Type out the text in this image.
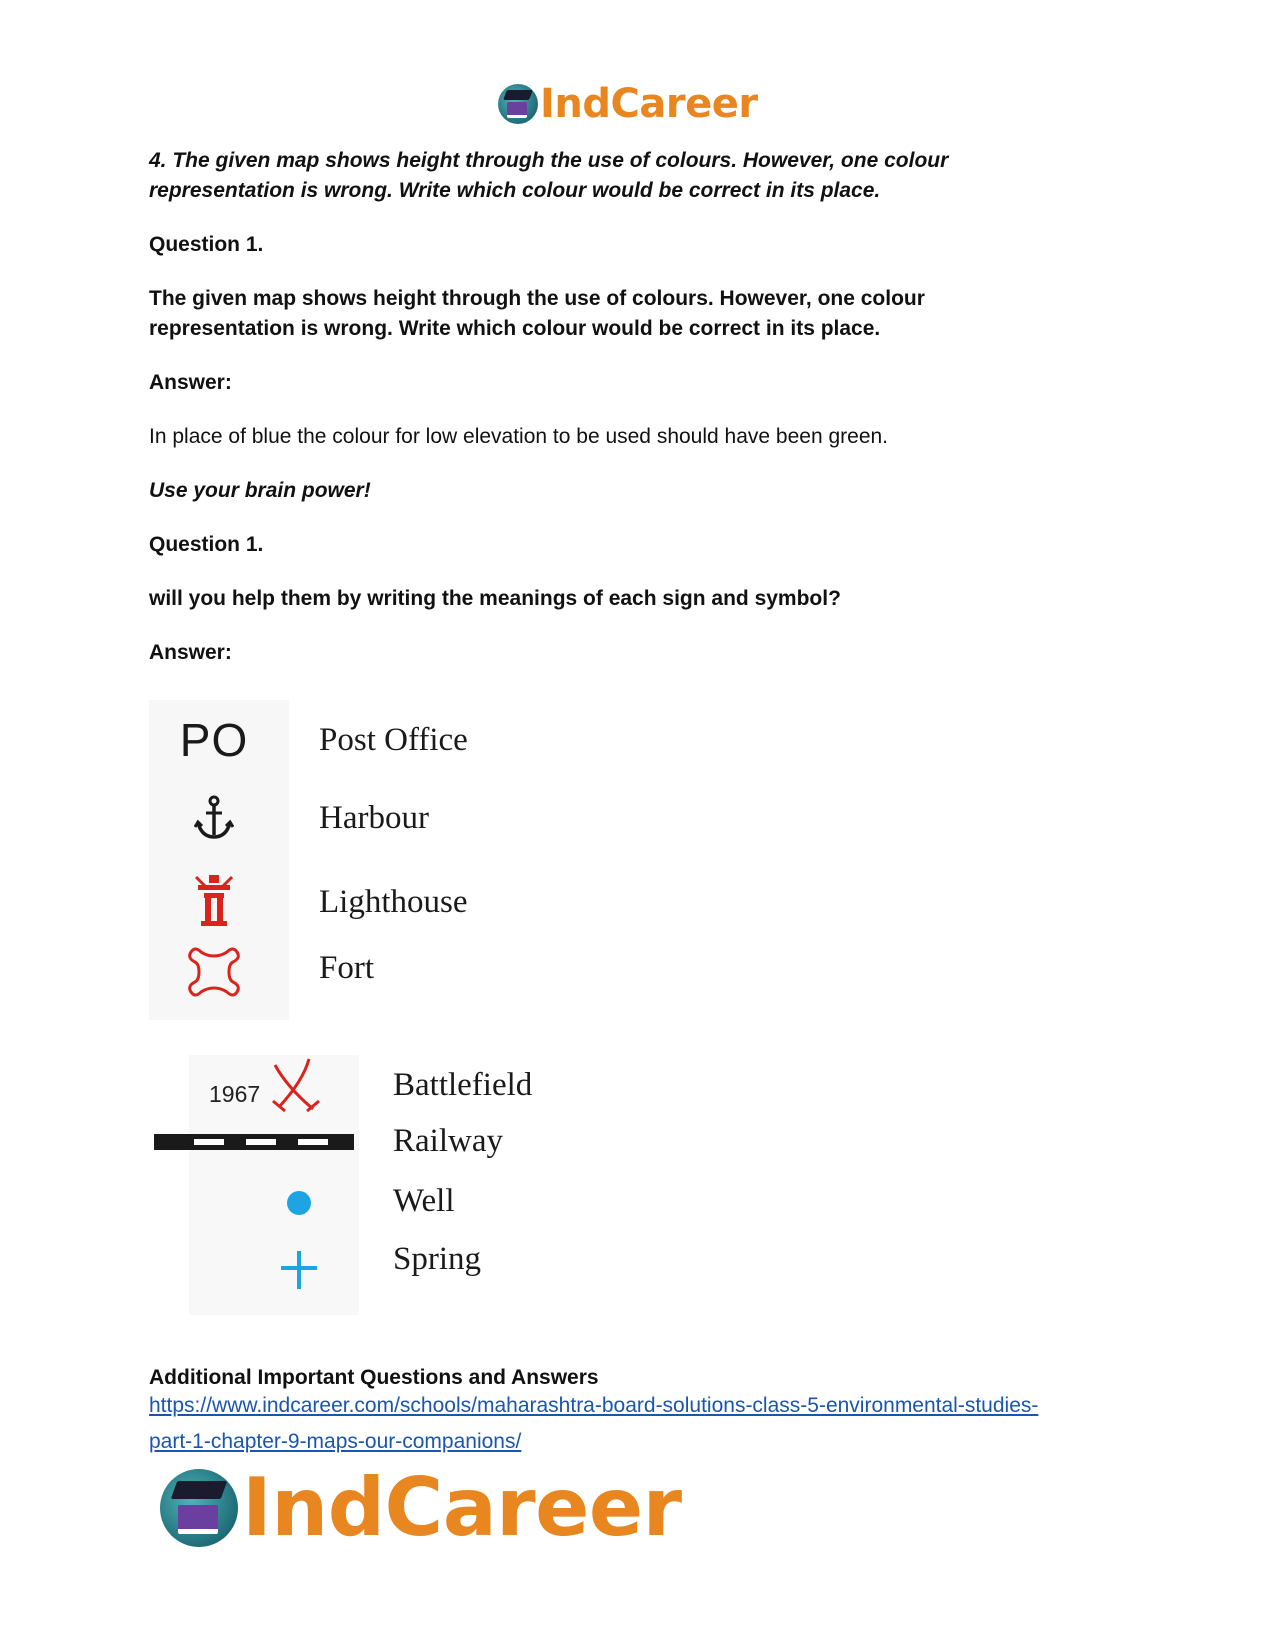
IndCareer
4. The given map shows height through the use of colours. However, one colour
representation is wrong. Write which colour would be correct in its place.
Question 1.
The given map shows height through the use of colours. However, one colour
representation is wrong. Write which colour would be correct in its place.
Answer:
In place of blue the colour for low elevation to be used should have been green.
Use your brain power!
Question 1.
will you help them by writing the meanings of each sign and symbol?
Answer:
PO Post Office
Harbour
Lighthouse
Fort
1967	Battlefield
Railway
Well
Spring
Additional Important Questions and Answers
https://www.indcareer.com/schools/maharashtra-board-solutions-class-5-environmental-studies-
part-1-chapter-9-maps-our-companions/
IndCareer
